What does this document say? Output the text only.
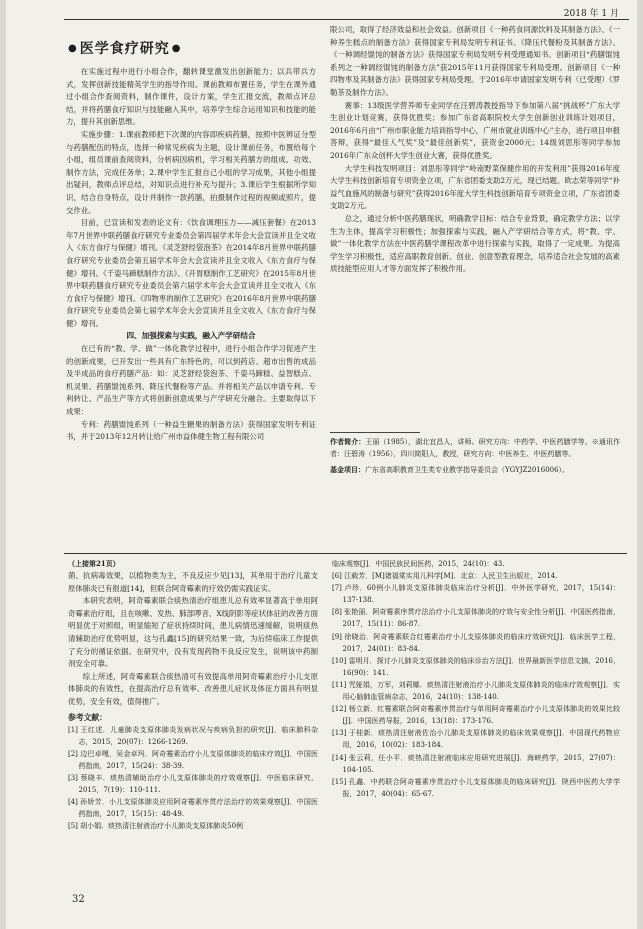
2018 年 1 月
● 医学食疗研究 ●

在实施过程中进行小组合作，翻转课堂激发出创新能力；以兵带兵方式，发挥创新技能精英学生的指导作用。课前教师布置任务，学生在课外通过小组合作查阅资料，制作课件，设计方案，学生汇报交流，教师点评总结，并将药膳食疗知识与技能融入其中，培养学生综合运用知识和技能的能力，提升其创新思维。

实施步骤：1.课前教师把下次课的内容即疾病药膳，按照中医辨证分型与药膳配伍的特点，选择一种常见疾病为主题，设计课前任务，布置给每个小组，组员课前查阅资料，分析病因病机，学习相关药膳方的组成、功效、制作方法，完成任务单；2.课中学生汇报自己小组的学习成果，其他小组提出疑问，教师点评总结，对知识点进行补充与提升；3.课后学生根据所学知识，结合自身特点，设计并制作一款药膳，拍摄制作过程的视频或照片，提交作业。

目前，已宣读和发表的论文有：《饮食调理压力——减压套餐》在2013年7月世界中联药膳食疗研究专业委员会第四届学术年会大会宣读并且全文收入《东方食疗与保健》增刊。《灵芝舒经袋泡茶》在2014年8月世界中联药膳食疗研究专业委员会第五届学术年会大会宣读并且全文收入《东方食疗与保健》增刊。《千姿马蹄糕制作方法》、《开胃糕制作工艺研究》在2015年8月世界中联药膳食疗研究专业委员会第六届学术年会大会宣读并且全文收入《东方食疗与保健》增刊。《四物枣的制作工艺研究》在2016年8月世界中联药膳食疗研究专业委员会第七届学术年会大会宣读并且全文收入《东方食疗与保健》增刊。

四、加强探索与实践，融入产学研结合

在已有的“教、学、做”一体化教学过程中，进行小组合作学习促进产生的创新成果，已开发出一些具有广东特色的，可以到药店、超市出售的成品及半成品的食疗药膳产品：如：灵芝舒经袋泡茶、千姿马蹄糕、益智糕点、机灵果、药膳馄饨系列、降压代餐粉等产品。并将相关产品以申请专利、专利转让、产品生产等方式将创新创意成果与产学研充分融合。主要取得以下成果：

专利：药膳馄饨系列（一种益生糖果的制备方法）获得国家发明专利证书，并于2013年12月转让给广州市益体健生物工程有限公司

限公司，取得了经济效益和社会效益。创新项目《一种药食同源饮料及其制备方法》、《一种养生糕点的制备方法》获得国家专利局发明专利证书。《降压代餐粉及其制备方法》、《一种调经馄饨的制备方法》获得国家专利局发明专利受理通知书。创新项目“药膳馄饨系列之一种调经馄饨的制备方法”获2015年11月获得国家专利局受理。创新项目《一种四物枣及其制备方法》获得国家专利局受理。于2016年申请国家发明专利（已受理）《罗勒茶及制作方法》。

赛事：13级医学营养师专业同学在汪碧涛教授指导下参加第八届“挑战杯”广东大学生创业计划竞赛，获得优胜奖；参加广东省高职院校大学生创新创业训练计划项目，2016年6月由“广州市职业能力培训指导中心，广州市就业训练中心”主办，进行项目申报答辩，获得“最佳人气奖”及“最佳创新奖”，获资金2000元；14级刘思彤等同学参加2016年广东众创杯大学生创业大赛，获得优胜奖。

大学生科技发明项目：刘思彤等同学“岭南野菜保健作用的开发利用”获得2016年度大学生科技创新培育专项资金立项，广东省团委支助2万元，现已结题。欧志荣等同学“补益气血施风的制备与研究”获得2016年度大学生科技创新培育专项资金立项，广东省团委支助2万元。

总之，通过分析中医药膳现状，明确教学目标：结合专业背景，确定教学方法；以学生为主体，提高学习积极性；加强探索与实践，融入产学研结合等方式，将“教、学、做”一体化教学方法在中医药膳学课程改革中进行探索与实践，取得了一定成果。为提高学生学习积极性，适应高职教育创新、创业、创意型教育理念，培养适合社会发展的高素质技能型应用人才等方面发挥了积极作用。

作者简介：王丽（1985），湖北宜昌人，讲师。研究方向：中药学、中医药膳学等。※通讯作者：汪碧涛（1956），四川简阳人，教授，研究方向：中医养生、中医药膳等。

基金项目：广东省高职教育卫生类专业教学指导委员会（YGYJZ2016006）。

（上接第21页）

菌、抗病毒效果，以植物类为主，不良反应少见[13]，其单用于治疗儿童支原体肺炎已有报道[14]，但联合阿奇霉素的疗效仍需实践证实。

本研究表明，阿奇霉素联合痰热清治疗组患儿总有效率显著高于单用阿奇霉素治疗组，且在咳嗽、发热、肺部啰音、X线阴影等症状体征的改善方面明显优于对照组，明显缩短了症状持续时间，患儿病情迅速缓解，说明痰热清辅助治疗优势明显，这与孔鑫[15]的研究结果一致，为后续临床工作提供了充分的循证依据。在研究中，没有发现药物不良反应发生，说明该中药制剂安全可靠。

综上所述，阿奇霉素联合痰热清可有效提高单用阿奇霉素治疗小儿支原体肺炎的有效性，在提高治疗总有效率、改善患儿症状及体征方面具有明显优势，安全有效，值得推广。

参考文献：

[1] 王红述．儿童肺炎支原体肺炎发病状况与疾病负担的研究[J]．临床肺科杂志，2015，20(07)：1266-1269.

[2] 边巴卓嘎，吴金卓玛．阿奇霉素治疗小儿支原体肺炎的临床疗效[J]．中国医药指南，2017，15(24)：38-39.

[3] 蔡晓丰．痰热清辅助治疗小儿支原体肺炎的疗效观察[J]．中医临床研究，2015，7(19)：110-111.

[4] 孙娇芳．小儿支原体肺炎应用阿奇霉素序贯疗法治疗的效果观察[J]．中国医药指南，2017，15(15)：48-49.

[5] 胡小娟．痰热清注射液治疗小儿肺炎支原体肺炎50例

临床观察[J]．中国民族民间医药，2015，24(10)：43.

[6] 江载芳．[M]诸福棠实用儿科学[M]．北京：人民卫生出版社，2014.

[7] 卢珍．60例小儿肺炎支原体肺炎临床治疗分析[J]．中外医学研究，2017，15(14)：137-138.

[8] 张艳丽．阿奇霉素序贯疗法治疗小儿支原体肺炎的疗效与安全性分析[J]．中国医药指南，2017，15(11)：86-87.

[9] 徐晓治．阿奇霉素联合红霉素治疗小儿支原体肺炎的临床疗效研究[J]．临床医学工程，2017，24(01)：83-84.

[10] 雷明月．探讨小儿肺炎支原体肺炎的临床诊治方法[J]．世界最新医学信息文摘，2016，16(90)：141.

[11] 咒娅娟，万军，刘莉娜．痰热清注射液治疗小儿肺炎支原体肺炎的临床疗效观察[J]．实用心脑肺血管病杂志，2016，24(10)：138-140.

[12] 杨立新．红霉素联合阿奇霉素序贯治疗与单用阿奇霉素治疗小儿支原体肺炎的效果比较[J]．中国医药导报，2016，13(18)：173-176.

[13] 于桂新．痰热清注射液佐治小儿肺炎支原体肺炎的临床效果观察[J]．中国现代药物应用，2016，10(02)：183-184.

[14] 张云莉，任小平．痰热清注射液临床应用研究进展[J]．海峡药学，2015，27(07)：104-105.

[15] 孔鑫．中药联合阿奇霉素序贯治疗小儿支原体肺炎的临床研究[J]．陕西中医药大学学报，2017，40(04)：65-67.

32
